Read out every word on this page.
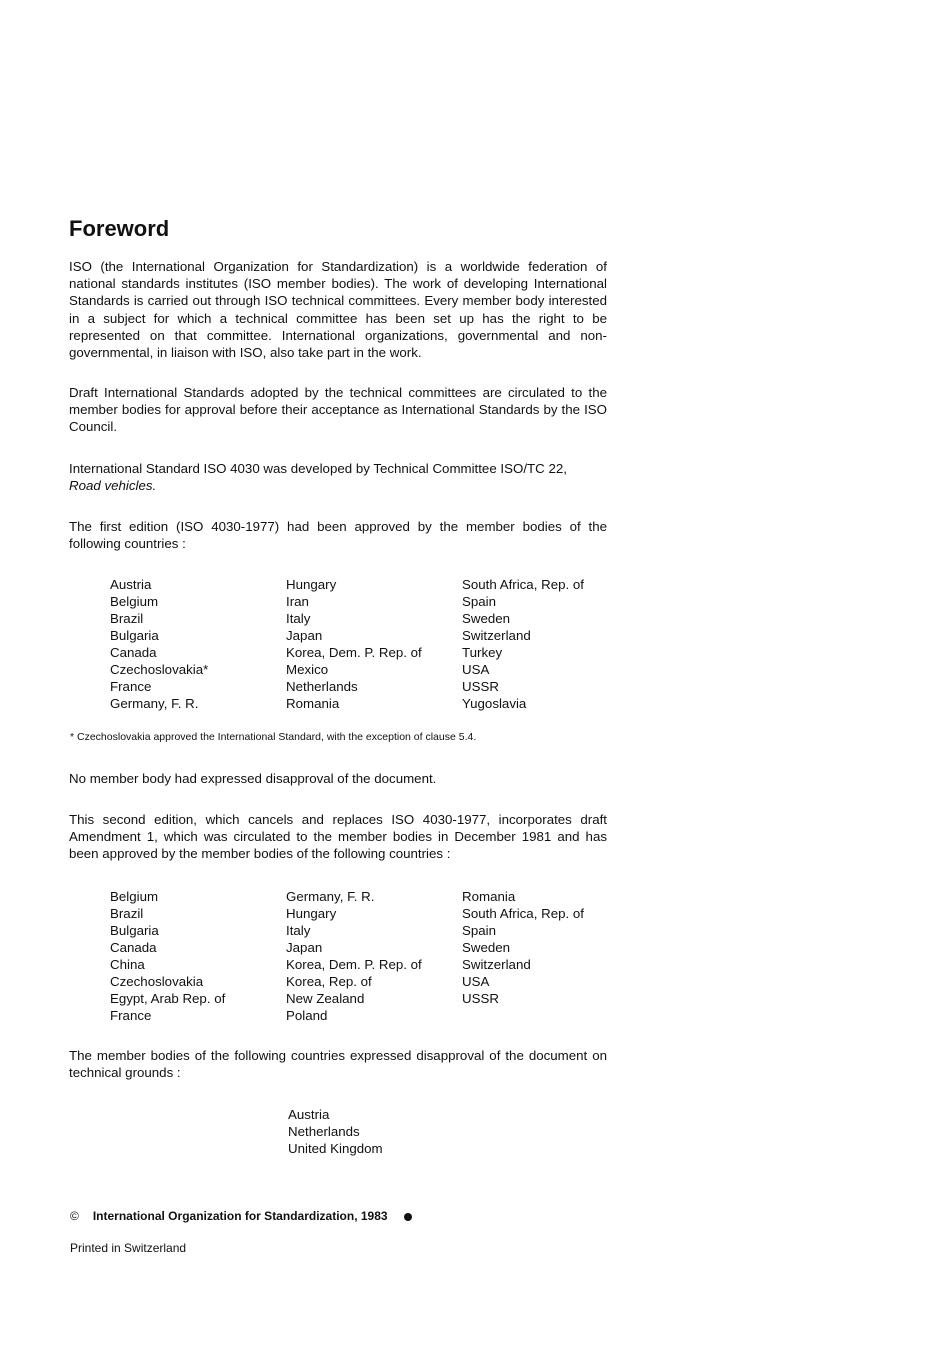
Foreword
ISO (the International Organization for Standardization) is a worldwide federation of national standards institutes (ISO member bodies). The work of developing International Standards is carried out through ISO technical committees. Every member body interested in a subject for which a technical committee has been set up has the right to be represented on that committee. International organizations, governmental and non-governmental, in liaison with ISO, also take part in the work.
Draft International Standards adopted by the technical committees are circulated to the member bodies for approval before their acceptance as International Standards by the ISO Council.
International Standard ISO 4030 was developed by Technical Committee ISO/TC 22,
Road vehicles.
The first edition (ISO 4030-1977) had been approved by the member bodies of the following countries :
Austria	Hungary	South Africa, Rep. of
Belgium	Iran	Spain
Brazil	Italy	Sweden
Bulgaria	Japan	Switzerland
Canada	Korea, Dem. P. Rep. of	Turkey
Czechoslovakia*	Mexico	USA
France	Netherlands	USSR
Germany, F. R.	Romania	Yugoslavia
* Czechoslovakia approved the International Standard, with the exception of clause 5.4.
No member body had expressed disapproval of the document.
This second edition, which cancels and replaces ISO 4030-1977, incorporates draft Amendment 1, which was circulated to the member bodies in December 1981 and has been approved by the member bodies of the following countries :
Belgium	Germany, F. R.	Romania
Brazil	Hungary	South Africa, Rep. of
Bulgaria	Italy	Spain
Canada	Japan	Sweden
China	Korea, Dem. P. Rep. of	Switzerland
Czechoslovakia	Korea, Rep. of	USA
Egypt, Arab Rep. of	New Zealand	USSR
France	Poland
The member bodies of the following countries expressed disapproval of the document on technical grounds :
Austria
Netherlands
United Kingdom
© International Organization for Standardization, 1983
Printed in Switzerland
